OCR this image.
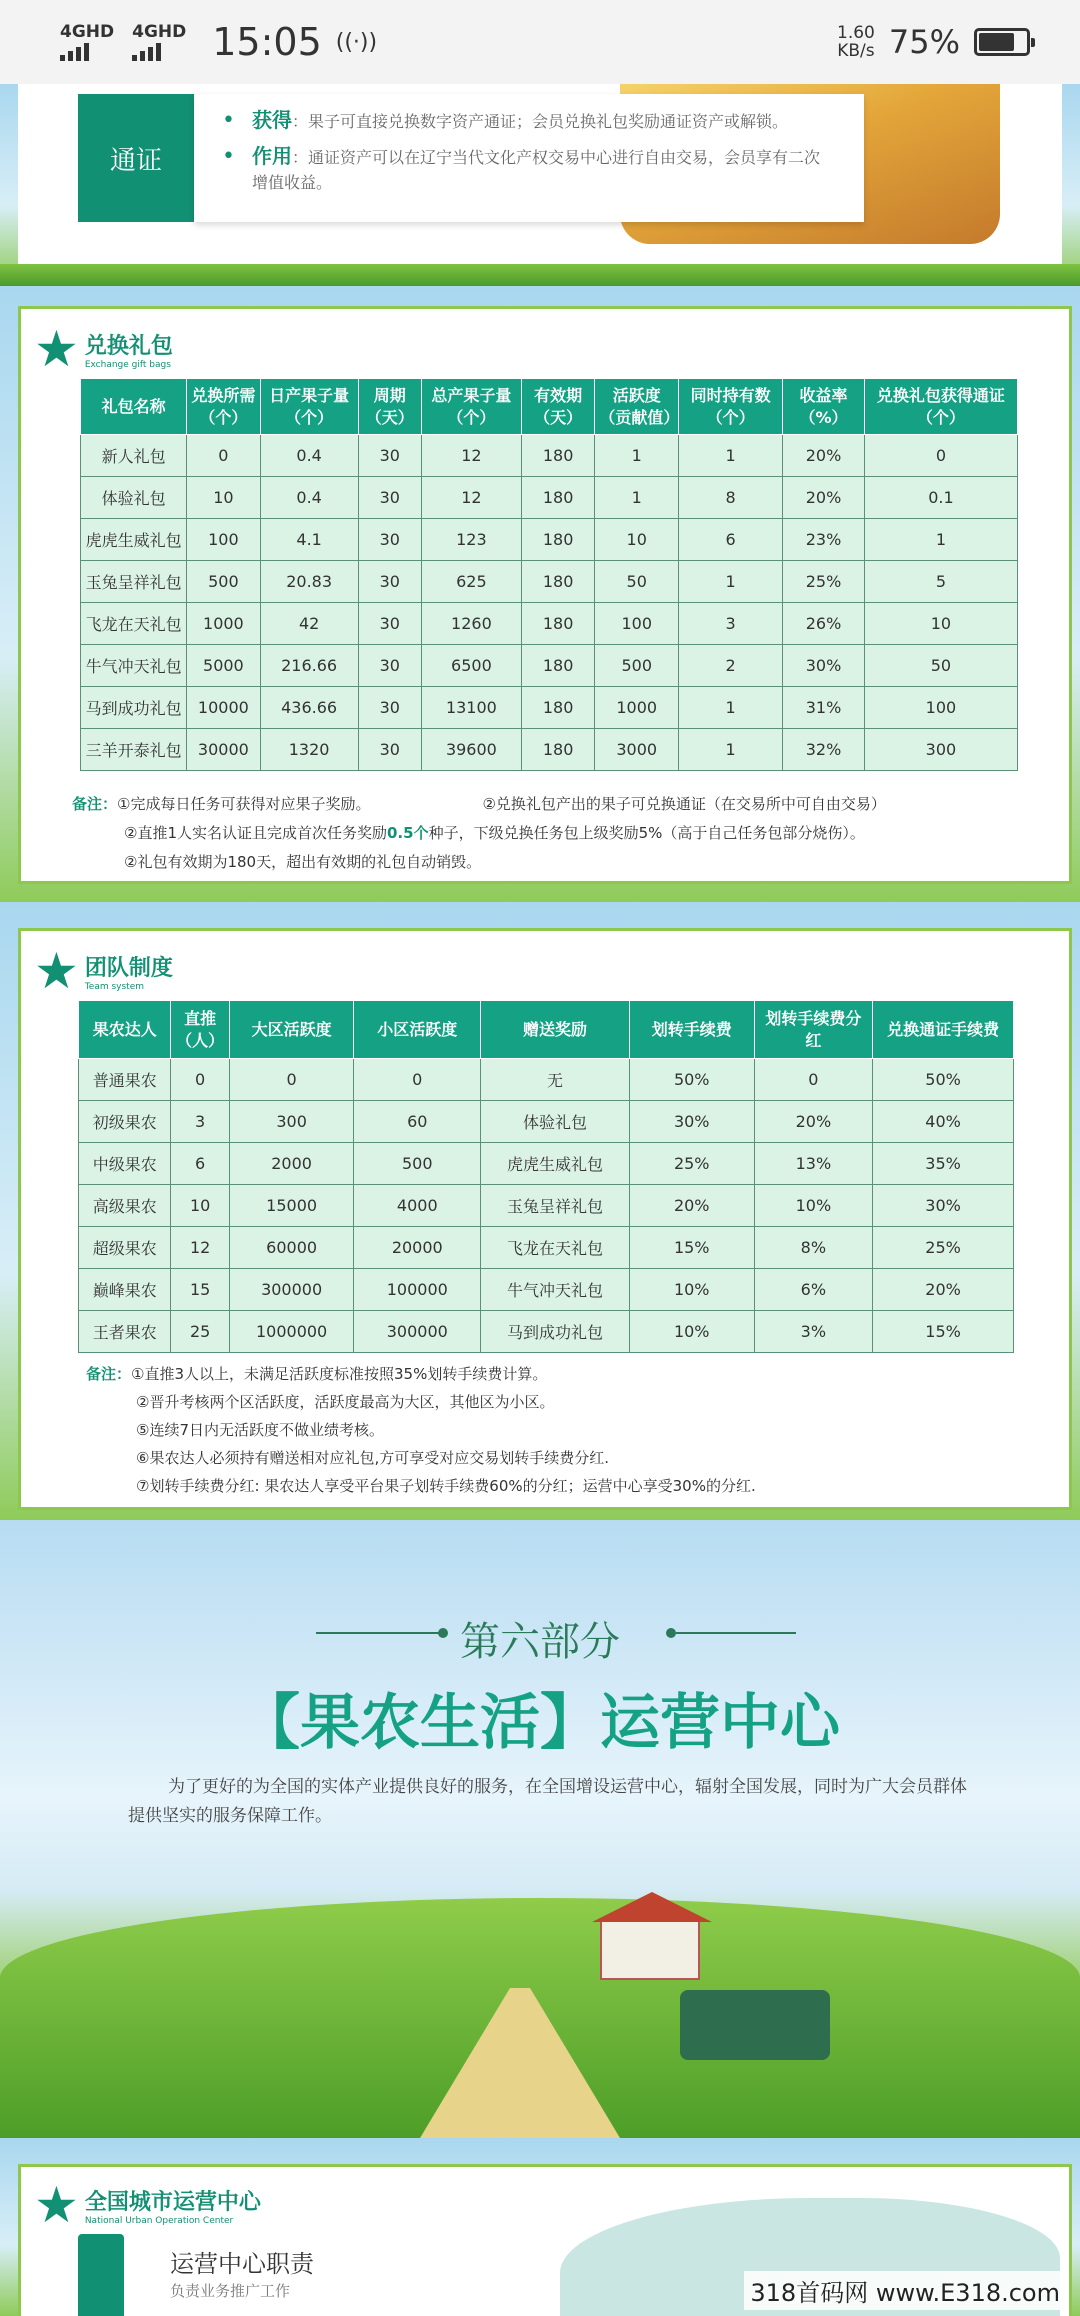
4GHD 4GHD 15:05 ((·))	1.60
KB/s 75%
通证
• 获得：果子可直接兑换数字资产通证；会员兑换礼包奖励通证资产或解锁。
• 作用：通证资产可以在辽宁当代文化产权交易中心进行自由交易，会员享有二次增值收益。
★ 兑换礼包
Exchange gift bags
礼包名称	兑换所需（个）	日产果子量（个）	周期（天）	总产果子量（个）	有效期（天）	活跃度（贡献值）	同时持有数（个）	收益率（%）	兑换礼包获得通证（个）
新人礼包	0	0.4	30	12	180	1	1	20%	0
体验礼包	10	0.4	30	12	180	1	8	20%	0.1
虎虎生威礼包	100	4.1	30	123	180	10	6	23%	1
玉兔呈祥礼包	500	20.83	30	625	180	50	1	25%	5
飞龙在天礼包	1000	42	30	1260	180	100	3	26%	10
牛气冲天礼包	5000	216.66	30	6500	180	500	2	30%	50
马到成功礼包	10000	436.66	30	13100	180	1000	1	31%	100
三羊开泰礼包	30000	1320	30	39600	180	3000	1	32%	300
备注：①完成每日任务可获得对应果子奖励。	②兑换礼包产出的果子可兑换通证（在交易所中可自由交易）
②直推1人实名认证且完成首次任务奖励0.5个种子，下级兑换任务包上级奖励5%（高于自己任务包部分烧伤）。
②礼包有效期为180天，超出有效期的礼包自动销毁。
★ 团队制度
Team system
果农达人	直推（人）	大区活跃度	小区活跃度	赠送奖励	划转手续费	划转手续费分红	兑换通证手续费
普通果农	0	0	0	无	50%	0	50%
初级果农	3	300	60	体验礼包	30%	20%	40%
中级果农	6	2000	500	虎虎生威礼包	25%	13%	35%
高级果农	10	15000	4000	玉兔呈祥礼包	20%	10%	30%
超级果农	12	60000	20000	飞龙在天礼包	15%	8%	25%
巅峰果农	15	300000	100000	牛气冲天礼包	10%	6%	20%
王者果农	25	1000000	300000	马到成功礼包	10%	3%	15%
备注：①直推3人以上，未满足活跃度标准按照35%划转手续费计算。
②晋升考核两个区活跃度，活跃度最高为大区，其他区为小区。
⑤连续7日内无活跃度不做业绩考核。
⑥果农达人必须持有赠送相对应礼包,方可享受对应交易划转手续费分红.
⑦划转手续费分红: 果农达人享受平台果子划转手续费60%的分红；运营中心享受30%的分红.
第六部分
【果农生活】运营中心
为了更好的为全国的实体产业提供良好的服务，在全国增设运营中心，辐射全国发展，同时为广大会员群体提供坚实的服务保障工作。
★ 全国城市运营中心
National Urban Operation Center
运营中心职责
负责业务推广工作	318首码网 www.E318.com
